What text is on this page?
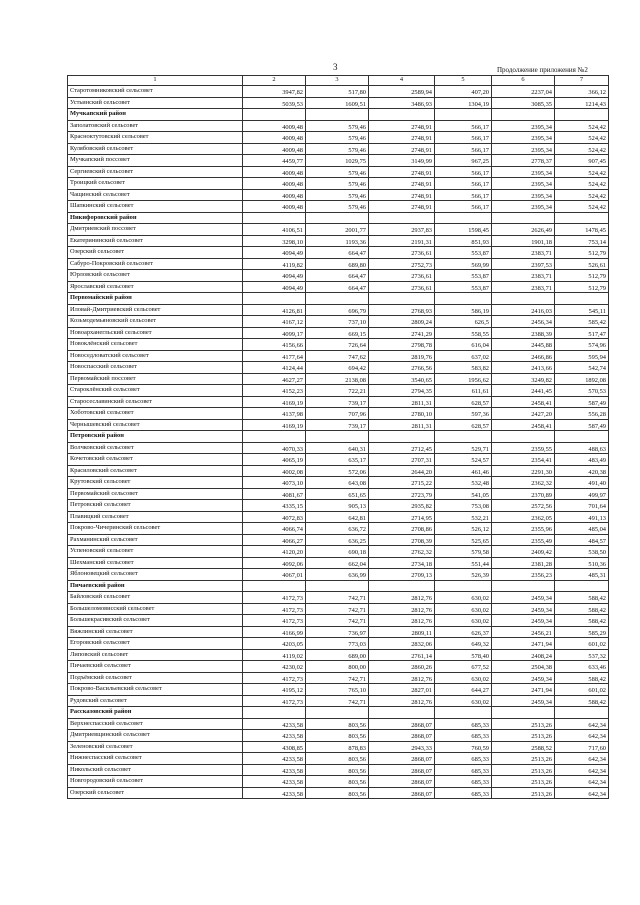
3	Продолжение приложения №2
1	2	3	4	5	6	7
Старотомниковский сельсовет	3947,82	517,80	2589,94	407,20	2237,04	366,12
Устьинский сельсовет	5039,53	1609,51	3486,93	1304,19	3085,35	1214,43
Мучкапский район						
Заполатовский сельсовет	4009,48	579,46	2748,91	566,17	2395,34	524,42
Красноктутовский сельсовет	4009,48	579,46	2748,91	566,17	2395,34	524,42
Кулябовский сельсовет	4009,48	579,46	2748,91	566,17	2395,34	524,42
Мучкапский поссовет	4459,77	1029,75	3149,99	967,25	2778,37	907,45
Сергиевский сельсовет	4009,48	579,46	2748,91	566,17	2395,34	524,42
Троицкий сельсовет	4009,48	579,46	2748,91	566,17	2395,34	524,42
Чащинский сельсовет	4009,48	579,46	2748,91	566,17	2395,34	524,42
Шапкинский сельсовет	4009,48	579,46	2748,91	566,17	2395,34	524,42
Никифоровский район						
Дмитриевский поссовет	4106,51	2001,77	2937,83	1598,45	2626,49	1478,45
Екатерининский сельсовет	3298,10	1193,36	2191,31	851,93	1901,18	753,14
Озерский сельсовет	4094,49	664,47	2736,61	553,87	2383,71	512,79
Сабуро-Покровский сельсовет	4119,82	689,80	2752,73	569,99	2397,53	526,61
Юрловский сельсовет	4094,49	664,47	2736,61	553,87	2383,71	512,79
Ярославский сельсовет	4094,49	664,47	2736,61	553,87	2383,71	512,79
Первомайский район						
Иловай-Дмитриевский сельсовет	4126,81	696,79	2768,93	586,19	2416,03	545,11
Козьмодемьяновский сельсовет	4167,12	737,10	2809,24	626,5	2456,34	585,42
Новоарханегльский сельсовет	4099,17	669,15	2741,29	558,55	2388,39	517,47
Новоклёнский сельсовет	4156,66	726,64	2798,78	616,04	2445,88	574,96
Новоседловатский сельсовет	4177,64	747,62	2819,76	637,02	2466,86	595,94
Новоспасский сельсовет	4124,44	694,42	2766,56	583,82	2413,66	542,74
Первомайский поссовет	4627,27	2138,08	3540,65	1956,62	3249,82	1892,08
Староклёнский сельсовет	4152,23	722,21	2794,35	611,61	2441,45	570,53
Старосеславинский сельсовет	4169,19	739,17	2811,31	628,57	2458,41	587,49
Хоботовский сельсовет	4137,98	707,96	2780,10	597,36	2427,20	556,28
Чернышевский сельсовет	4169,19	739,17	2811,31	628,57	2458,41	587,49
Петровский район						
Волчковский сельсовет	4070,33	640,31	2712,45	529,71	2359,55	488,63
Кочетовский сельсовет	4065,19	635,17	2707,31	524,57	2354,41	483,49
Красиловский сельсовет	4002,08	572,06	2644,20	461,46	2291,30	420,38
Крутовский сельсовет	4073,10	643,08	2715,22	532,48	2362,32	491,40
Первомайский сельсовет	4081,67	651,65	2723,79	541,05	2370,89	499,97
Петровский сельсовет	4335,15	905,13	2935,82	753,08	2572,56	701,64
Плавицкий сельсовет	4072,83	642,81	2714,95	532,21	2362,05	491,13
Покрово-Чичеринский сельсовет	4066,74	636,72	2708,86	526,12	2355,96	485,04
Рахманинский сельсовет	4066,27	636,25	2708,39	525,65	2355,49	484,57
Успеновский сельсовет	4120,20	690,18	2762,32	579,58	2409,42	538,50
Шехманский сельсовет	4092,06	662,04	2734,18	551,44	2381,28	510,36
Яблоновецкий сельсовет	4067,01	636,99	2709,13	526,39	2356,23	485,31
Пичаевский район						
Байловский сельсовет	4172,73	742,71	2812,76	630,02	2459,34	588,42
Большеломовисский сельсовет	4172,73	742,71	2812,76	630,02	2459,34	588,42
Большекрасивский сельсовет	4172,73	742,71	2812,76	630,02	2459,34	588,42
Вяжлинский сельсовет	4166,99	736,97	2809,11	626,37	2456,21	585,29
Егоровский сельсовет	4203,05	773,03	2832,06	649,32	2471,94	601,02
Липовский сельсовет	4119,02	689,00	2761,14	578,40	2408,24	537,32
Пичаевский сельсовет	4230,02	800,00	2860,26	677,52	2504,38	633,46
Подъёмский сельсовет	4172,73	742,71	2812,76	630,02	2459,34	588,42
Покрово-Васильевский сельсовет	4195,12	765,10	2827,01	644,27	2471,94	601,02
Рудовский сельсовет	4172,73	742,71	2812,76	630,02	2459,34	588,42
Рассказовский район						
Верхнеспасский сельсовет	4233,58	803,56	2868,07	685,33	2513,26	642,34
Дмитриевщинский сельсовет	4233,58	803,56	2868,07	685,33	2513,26	642,34
Зеленовский сельсовет	4308,85	878,83	2943,33	760,59	2588,52	717,60
Нижнеспасский сельсовет	4233,58	803,56	2868,07	685,33	2513,26	642,34
Никольский сельсовет	4233,58	803,56	2868,07	685,33	2513,26	642,34
Новгородовский сельсовет	4233,58	803,56	2868,07	685,33	2513,26	642,34
Озерский сельсовет	4233,58	803,56	2868,07	685,33	2513,26	642,34
